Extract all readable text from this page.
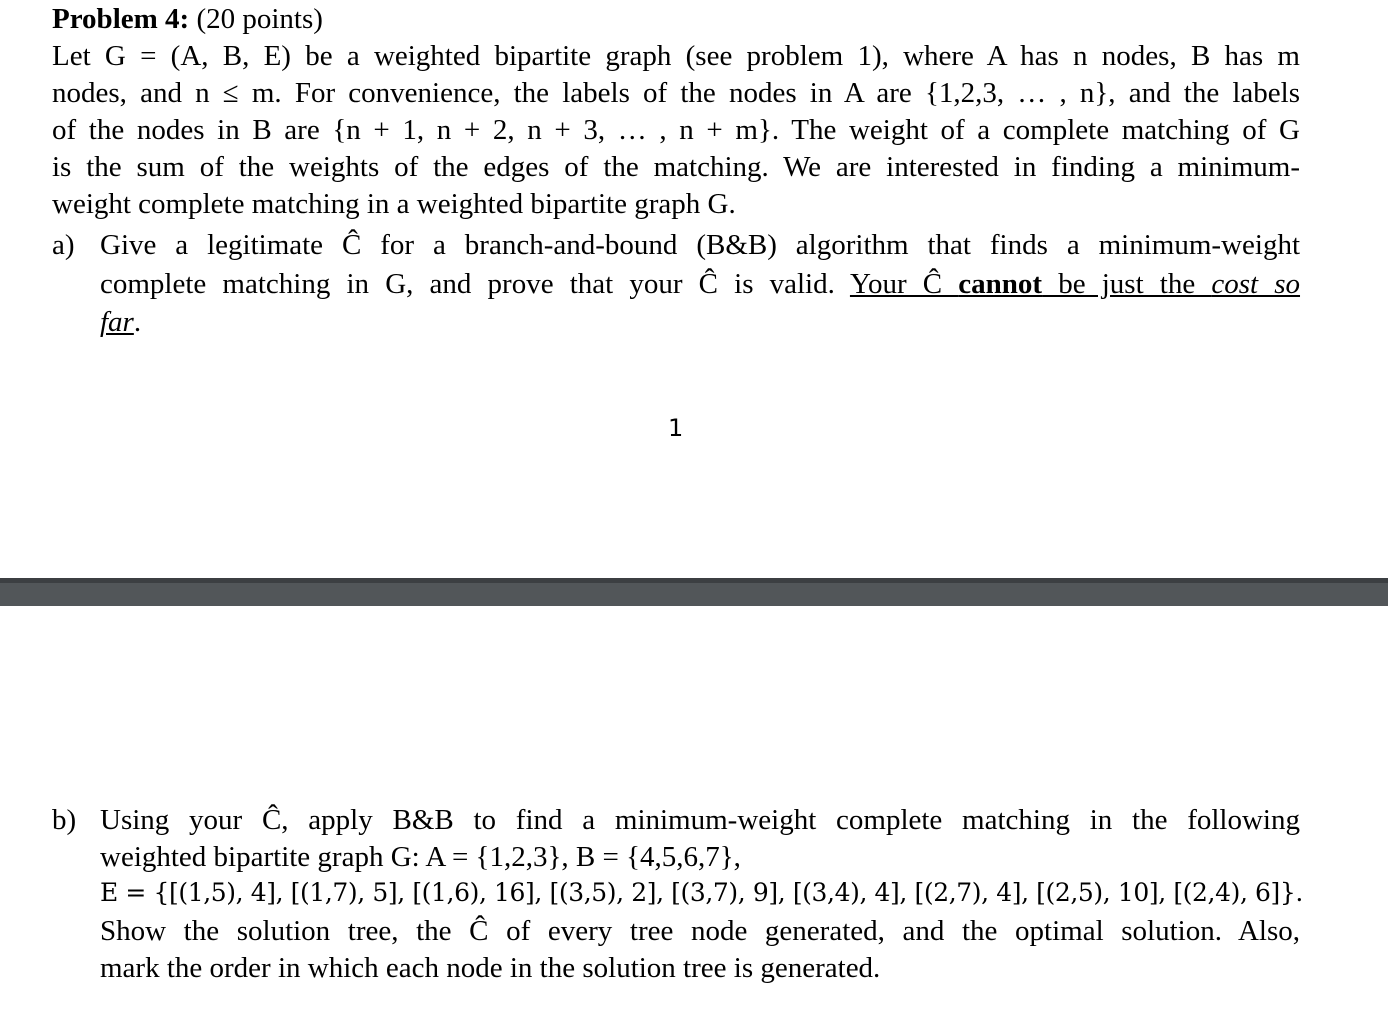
Problem 4: (20 points)
Let G = (A, B, E) be a weighted bipartite graph (see problem 1), where A has n nodes, B has m
nodes, and n ≤ m. For convenience, the labels of the nodes in A are {1,2,3, … , n}, and the labels
of the nodes in B are {n + 1, n + 2, n + 3, … , n + m}. The weight of a complete matching of G
is the sum of the weights of the edges of the matching. We are interested in finding a minimum-
weight complete matching in a weighted bipartite graph G.
a) Give a legitimate Ĉ for a branch-and-bound (B&B) algorithm that finds a minimum-weight
complete matching in G, and prove that your Ĉ is valid. Your Ĉ cannot be just the cost so
far.
1
b) Using your Ĉ, apply B&B to find a minimum-weight complete matching in the following
weighted bipartite graph G: A = {1,2,3}, B = {4,5,6,7},
E = {[(1,5), 4], [(1,7), 5], [(1,6), 16], [(3,5), 2], [(3,7), 9], [(3,4), 4], [(2,7), 4], [(2,5), 10], [(2,4), 6]}.
Show the solution tree, the Ĉ of every tree node generated, and the optimal solution. Also,
mark the order in which each node in the solution tree is generated.
